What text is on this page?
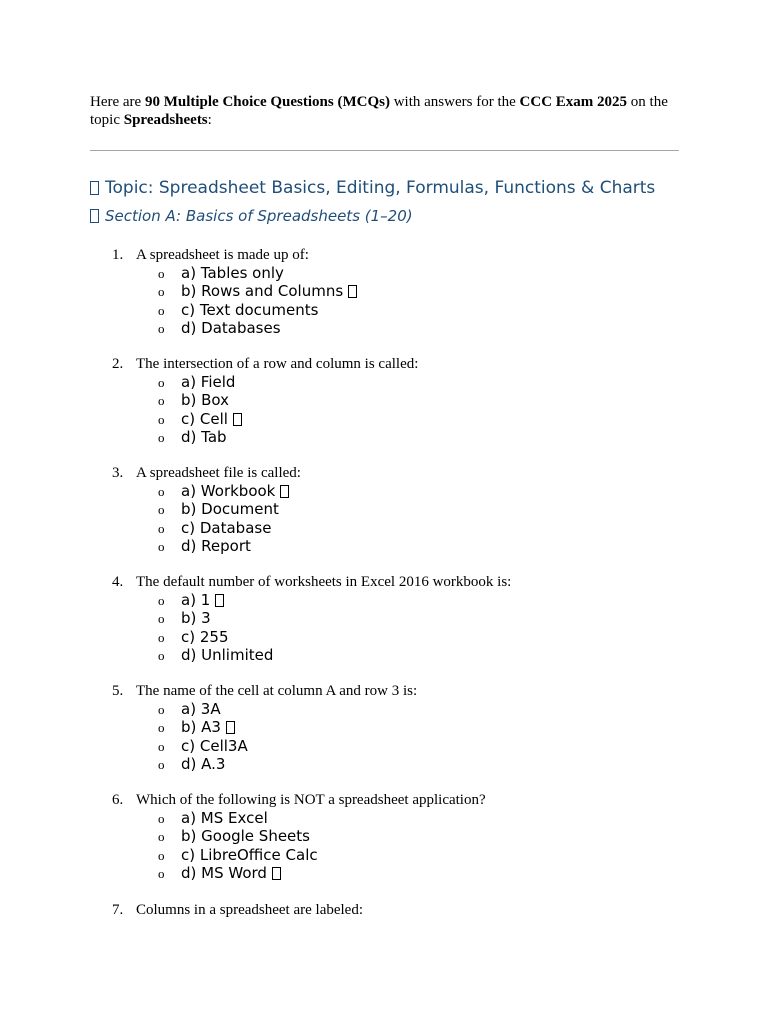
Here are 90 Multiple Choice Questions (MCQs) with answers for the CCC Exam 2025 on the topic Spreadsheets:
Topic: Spreadsheet Basics, Editing, Formulas, Functions & Charts
Section A: Basics of Spreadsheets (1–20)
1. A spreadsheet is made up of:
o a) Tables only
o b) Rows and Columns
o c) Text documents
o d) Databases
2. The intersection of a row and column is called:
o a) Field
o b) Box
o c) Cell
o d) Tab
3. A spreadsheet file is called:
o a) Workbook
o b) Document
o c) Database
o d) Report
4. The default number of worksheets in Excel 2016 workbook is:
o a) 1
o b) 3
o c) 255
o d) Unlimited
5. The name of the cell at column A and row 3 is:
o a) 3A
o b) A3
o c) Cell3A
o d) A.3
6. Which of the following is NOT a spreadsheet application?
o a) MS Excel
o b) Google Sheets
o c) LibreOffice Calc
o d) MS Word
7. Columns in a spreadsheet are labeled:
